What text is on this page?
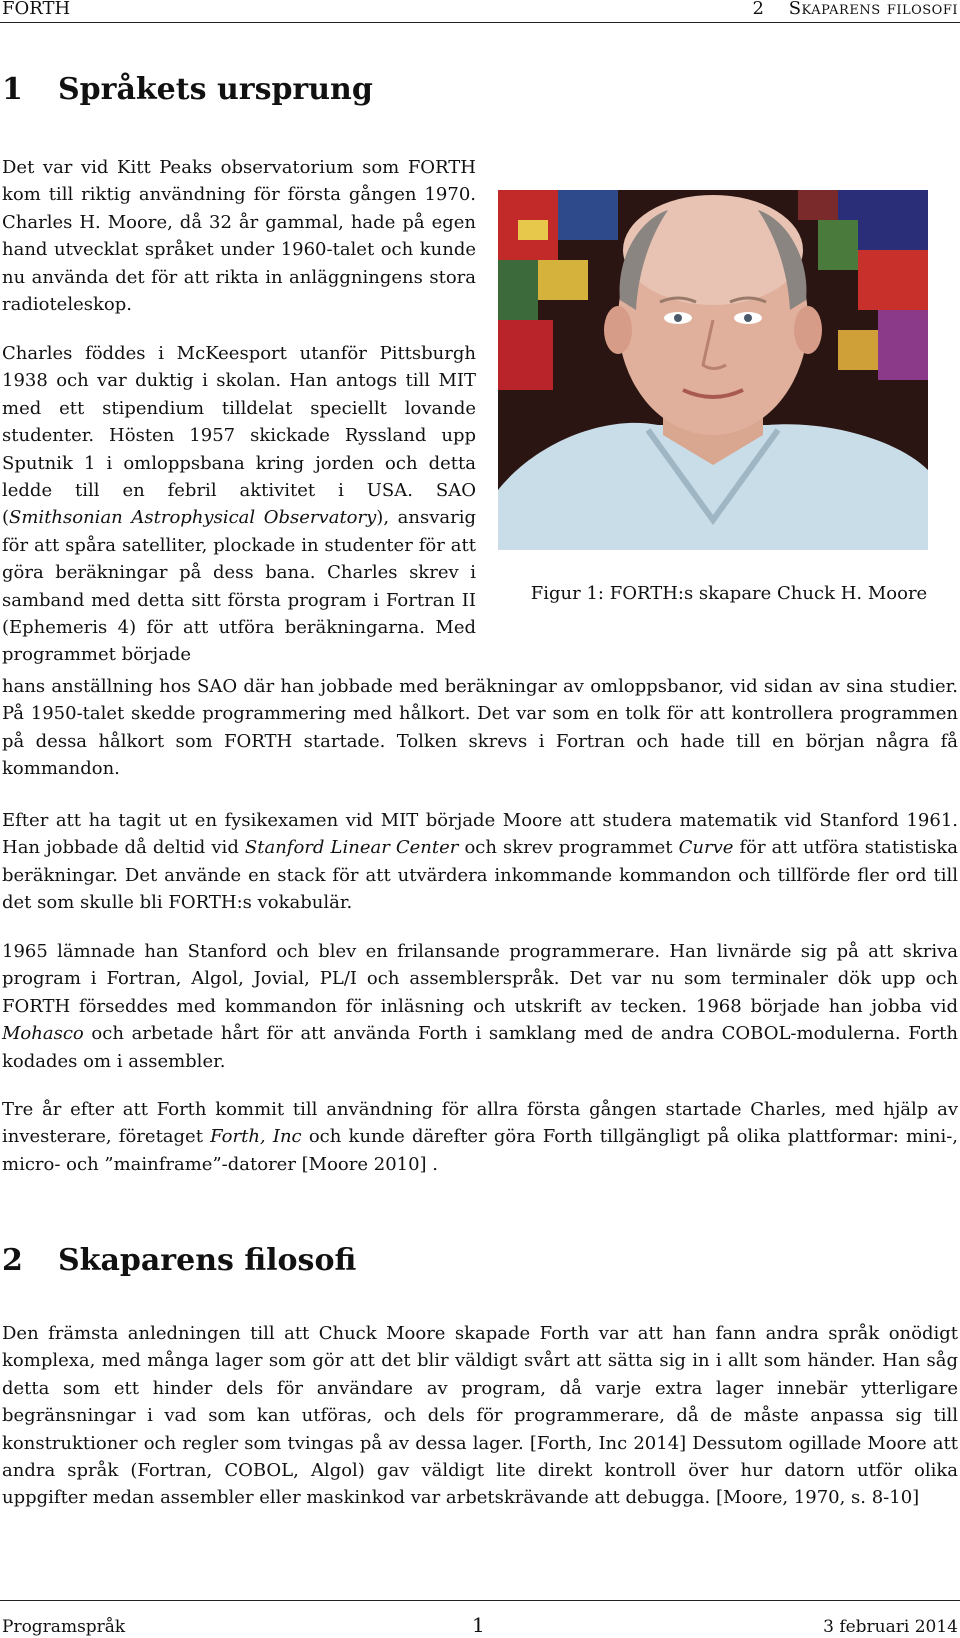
FORTH	2 Skaparens filosofi
1 Språkets ursprung

Det var vid Kitt Peaks observatorium som FORTH kom till riktig användning för första gången 1970. Charles H. Moore, då 32 år gammal, hade på egen hand utvecklat språket under 1960-talet och kunde nu använda det för att rikta in anläggningens stora radioteleskop.

Charles föddes i McKeesport utanför Pittsburgh 1938 och var duktig i skolan. Han antogs till MIT med ett stipendium tilldelat speciellt lovande studenter. Hösten 1957 skickade Ryssland upp Sputnik 1 i omloppsbana kring jorden och detta ledde till en febril aktivitet i USA. SAO (Smithsonian Astrophysical Observatory), ansvarig för att spåra satelliter, plockade in studenter för att göra beräkningar på dess bana. Charles skrev i samband med detta sitt första program i Fortran II (Ephemeris 4) för att utföra beräkningarna. Med programmet började

hans anställning hos SAO där han jobbade med beräkningar av omloppsbanor, vid sidan av sina studier. På 1950-talet skedde programmering med hålkort. Det var som en tolk för att kontrollera programmen på dessa hålkort som FORTH startade. Tolken skrevs i Fortran och hade till en början några få kommandon.

Efter att ha tagit ut en fysikexamen vid MIT började Moore att studera matematik vid Stanford 1961. Han jobbade då deltid vid Stanford Linear Center och skrev programmet Curve för att utföra statistiska beräkningar. Det använde en stack för att utvärdera inkommande kommandon och tillförde fler ord till det som skulle bli FORTH:s vokabulär.

1965 lämnade han Stanford och blev en frilansande programmerare. Han livnärde sig på att skriva program i Fortran, Algol, Jovial, PL/I och assemblerspråk. Det var nu som terminaler dök upp och FORTH förseddes med kommandon för inläsning och utskrift av tecken. 1968 började han jobba vid Mohasco och arbetade hårt för att använda Forth i samklang med de andra COBOL-modulerna. Forth kodades om i assembler.

Tre år efter att Forth kommit till användning för allra första gången startade Charles, med hjälp av investerare, företaget Forth, Inc och kunde därefter göra Forth tillgängligt på olika plattformar: mini-, micro- och ”mainframe”-datorer [Moore 2010] .

2 Skaparens filosofi

Den främsta anledningen till att Chuck Moore skapade Forth var att han fann andra språk onödigt komplexa, med många lager som gör att det blir väldigt svårt att sätta sig in i allt som händer. Han såg detta som ett hinder dels för användare av program, då varje extra lager innebär ytterligare begränsningar i vad som kan utföras, och dels för programmerare, då de måste anpassa sig till konstruktioner och regler som tvingas på av dessa lager. [Forth, Inc 2014] Dessutom ogillade Moore att andra språk (Fortran, COBOL, Algol) gav väldigt lite direkt kontroll över hur datorn utför olika uppgifter medan assembler eller maskinkod var arbetskrävande att debugga. [Moore, 1970, s. 8-10]

Figur 1: FORTH:s skapare Chuck H. Moore
Programspråk	1	3 februari 2014
